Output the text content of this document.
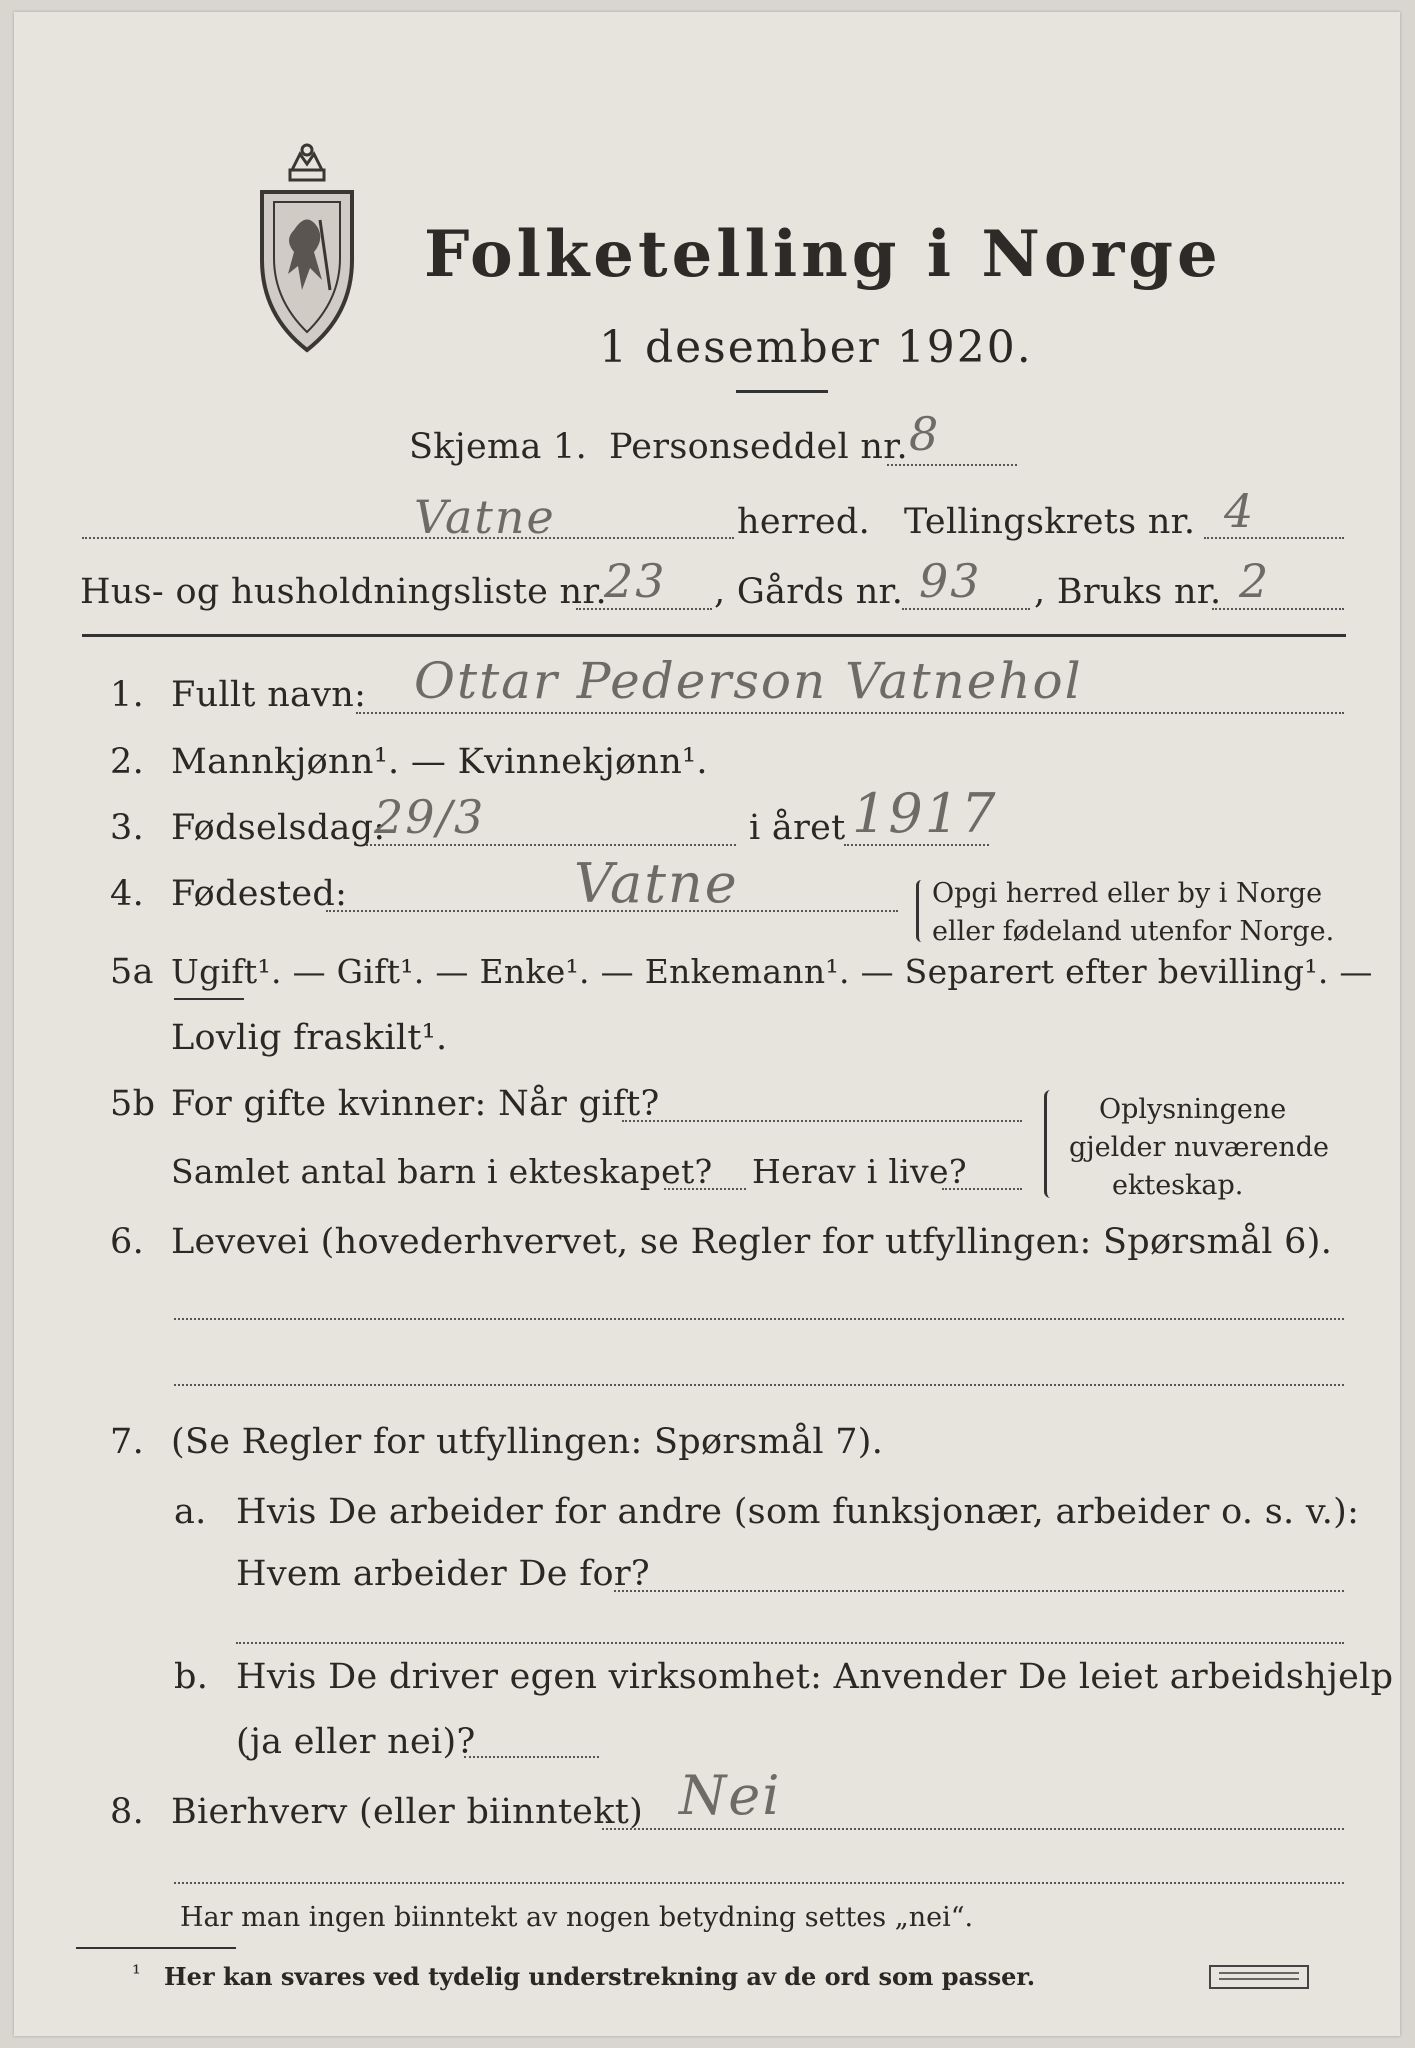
Folketelling i Norge
1 desember 1920.
Skjema 1. Personseddel nr. 8
Vatne	herred. Tellingskrets nr. 4
Hus- og husholdningsliste nr.
23 , Gårds nr. 93 , Bruks nr. 2
1. Fullt navn: Ottar Pederson Vatnehol
2. Mannkjønn¹. — Kvinnekjønn¹.
3. Fødselsdag:
29/3	i året 1917
4. Fødested:	Vatne	Opgi herred eller by i Norge
eller fødeland utenfor Norge.
5a Ugift¹. — Gift¹. — Enke¹. — Enkemann¹. — Separert efter bevilling¹. —
Lovlig fraskilt¹.
5b For gifte kvinner: Når gift?
Samlet antal barn i ekteskapet? Herav i live?
Oplysningene
gjelder nuværende
ekteskap.
6. Levevei (hovederhvervet, se Regler for utfyllingen: Spørsmål 6).
7. (Se Regler for utfyllingen: Spørsmål 7).
a. Hvis De arbeider for andre (som funksjonær, arbeider o. s. v.):
Hvem arbeider De for?
b. Hvis De driver egen virksomhet: Anvender De leiet arbeidshjelp
(ja eller nei)?
8. Bierhverv (eller biinntekt) Nei
Har man ingen biinntekt av nogen betydning settes „nei“.
¹ Her kan svares ved tydelig understrekning av de ord som passer.
